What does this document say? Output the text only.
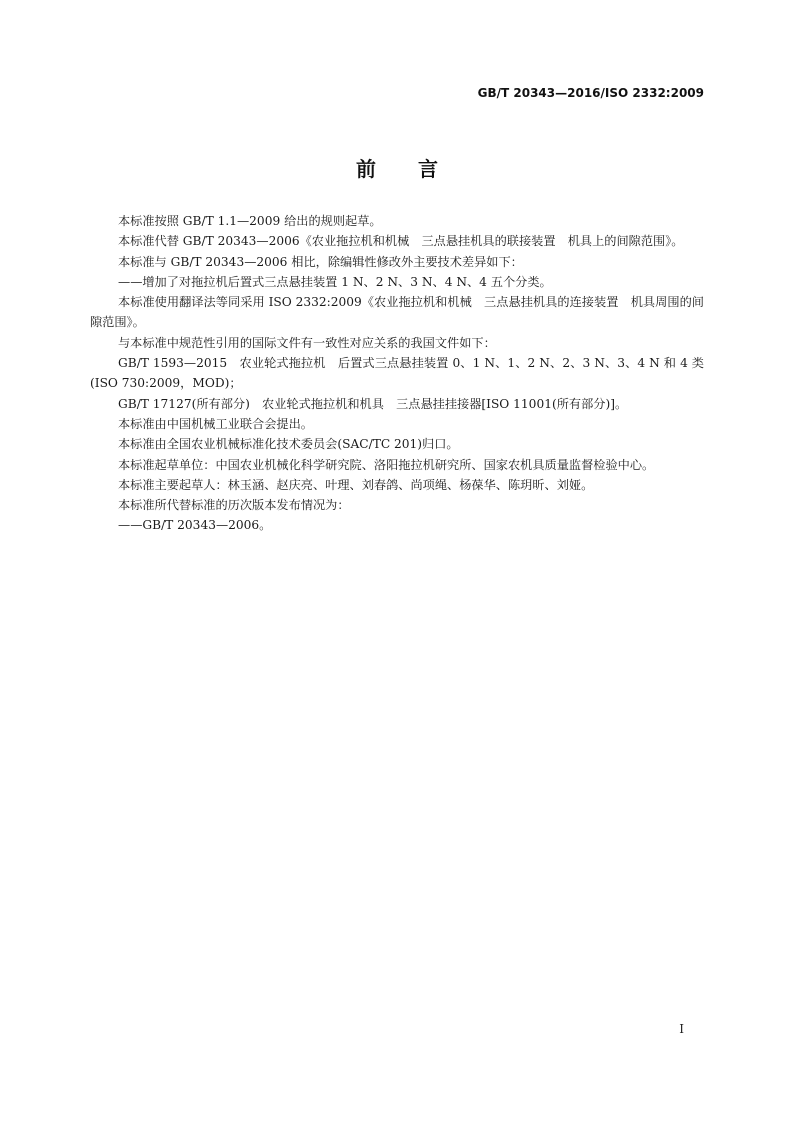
GB/T 20343—2016/ISO 2332:2009
前言

本标准按照 GB/T 1.1—2009 给出的规则起草。

本标准代替 GB/T 20343—2006《农业拖拉机和机械　三点悬挂机具的联接装置　机具上的间隙范围》。

本标准与 GB/T 20343—2006 相比，除编辑性修改外主要技术差异如下：

——增加了对拖拉机后置式三点悬挂装置 1 N、2 N、3 N、4 N、4 五个分类。

本标准使用翻译法等同采用 ISO 2332:2009《农业拖拉机和机械　三点悬挂机具的连接装置　机具周围的间隙范围》。

与本标准中规范性引用的国际文件有一致性对应关系的我国文件如下：

GB/T 1593—2015　农业轮式拖拉机　后置式三点悬挂装置 0、1 N、1、2 N、2、3 N、3、4 N 和 4 类(ISO 730:2009，MOD)；

GB/T 17127(所有部分)　农业轮式拖拉机和机具　三点悬挂挂接器[ISO 11001(所有部分)]。

本标准由中国机械工业联合会提出。

本标准由全国农业机械标准化技术委员会(SAC/TC 201)归口。

本标准起草单位：中国农业机械化科学研究院、洛阳拖拉机研究所、国家农机具质量监督检验中心。

本标准主要起草人：林玉涵、赵庆亮、叶理、刘春鸽、尚项绳、杨葆华、陈玥昕、刘娅。

本标准所代替标准的历次版本发布情况为：

——GB/T 20343—2006。

I
